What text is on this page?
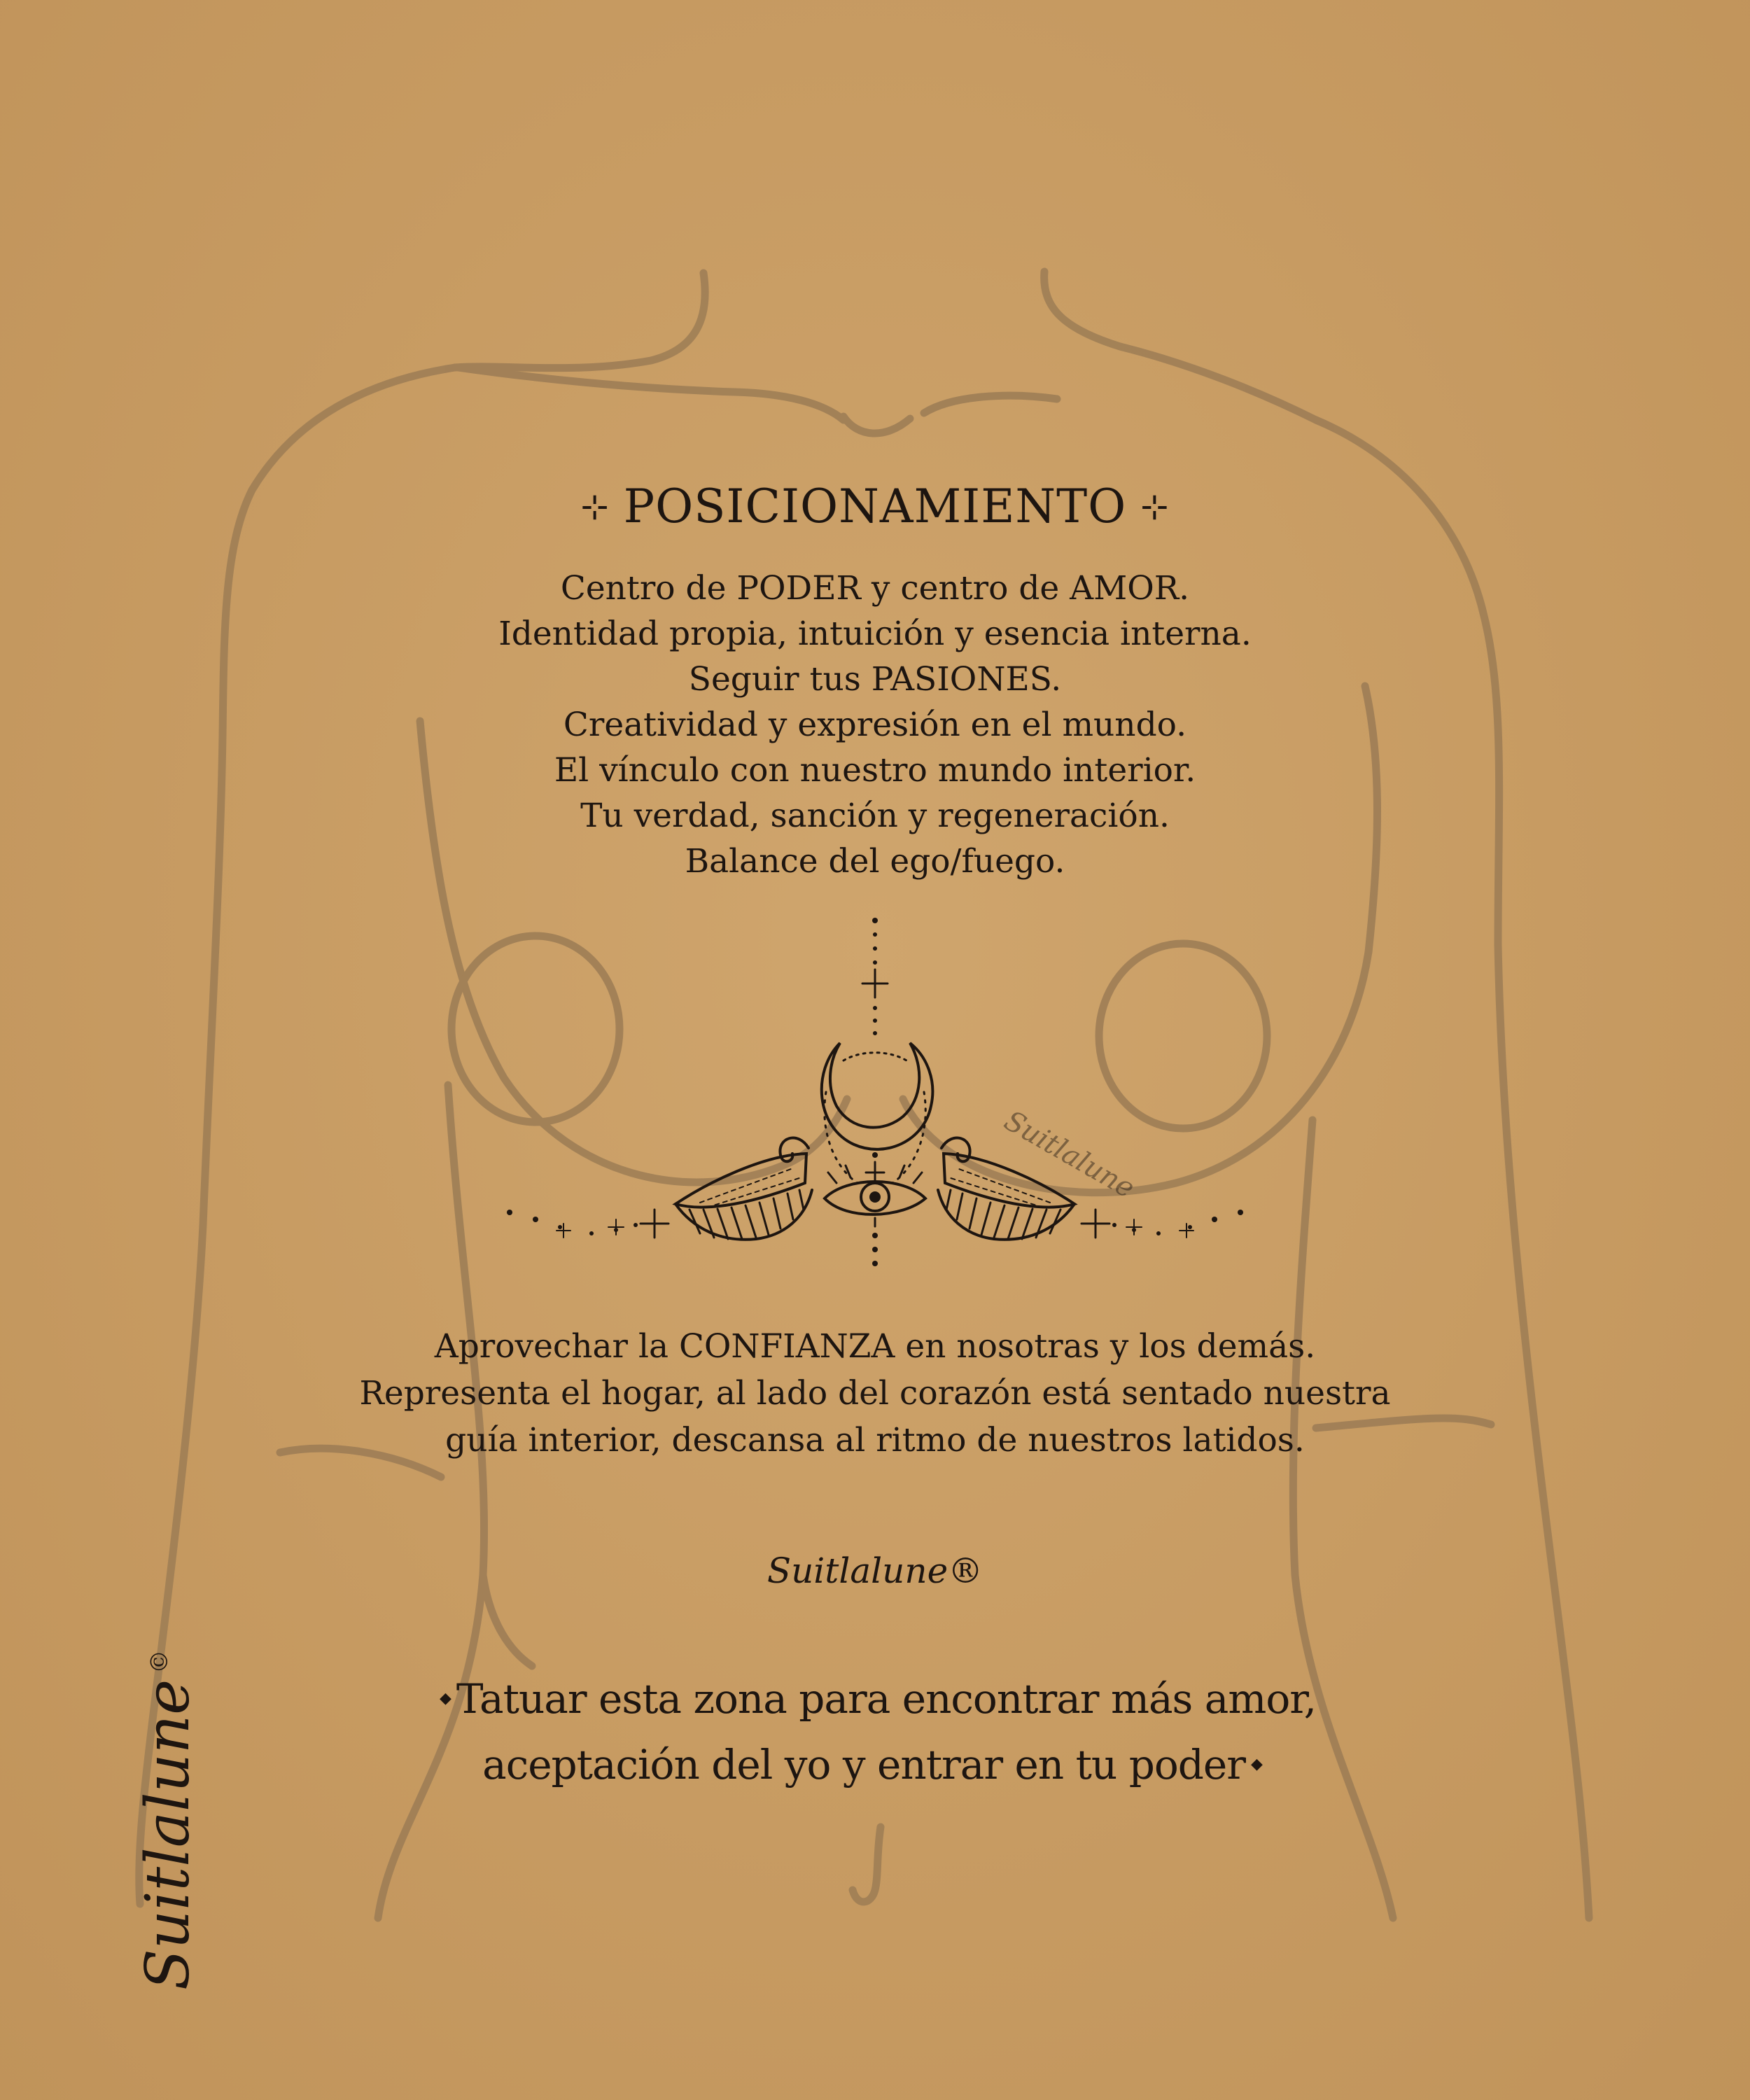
Suitlalune
⊹ POSICIONAMIENTO ⊹
Centro de PODER y centro de AMOR.
Identidad propia, intuición y esencia interna.
Seguir tus PASIONES.
Creatividad y expresión en el mundo.
El vínculo con nuestro mundo interior.
Tu verdad, sanción y regeneración.
Balance del ego/fuego.
Aprovechar la CONFIANZA en nosotras y los demás.
Representa el hogar, al lado del corazón está sentado nuestra
guía interior, descansa al ritmo de nuestros latidos.
Suitlalune®
◆ Tatuar esta zona para encontrar más amor,
aceptación del yo y entrar en tu poder ◆
Suitlalune©
